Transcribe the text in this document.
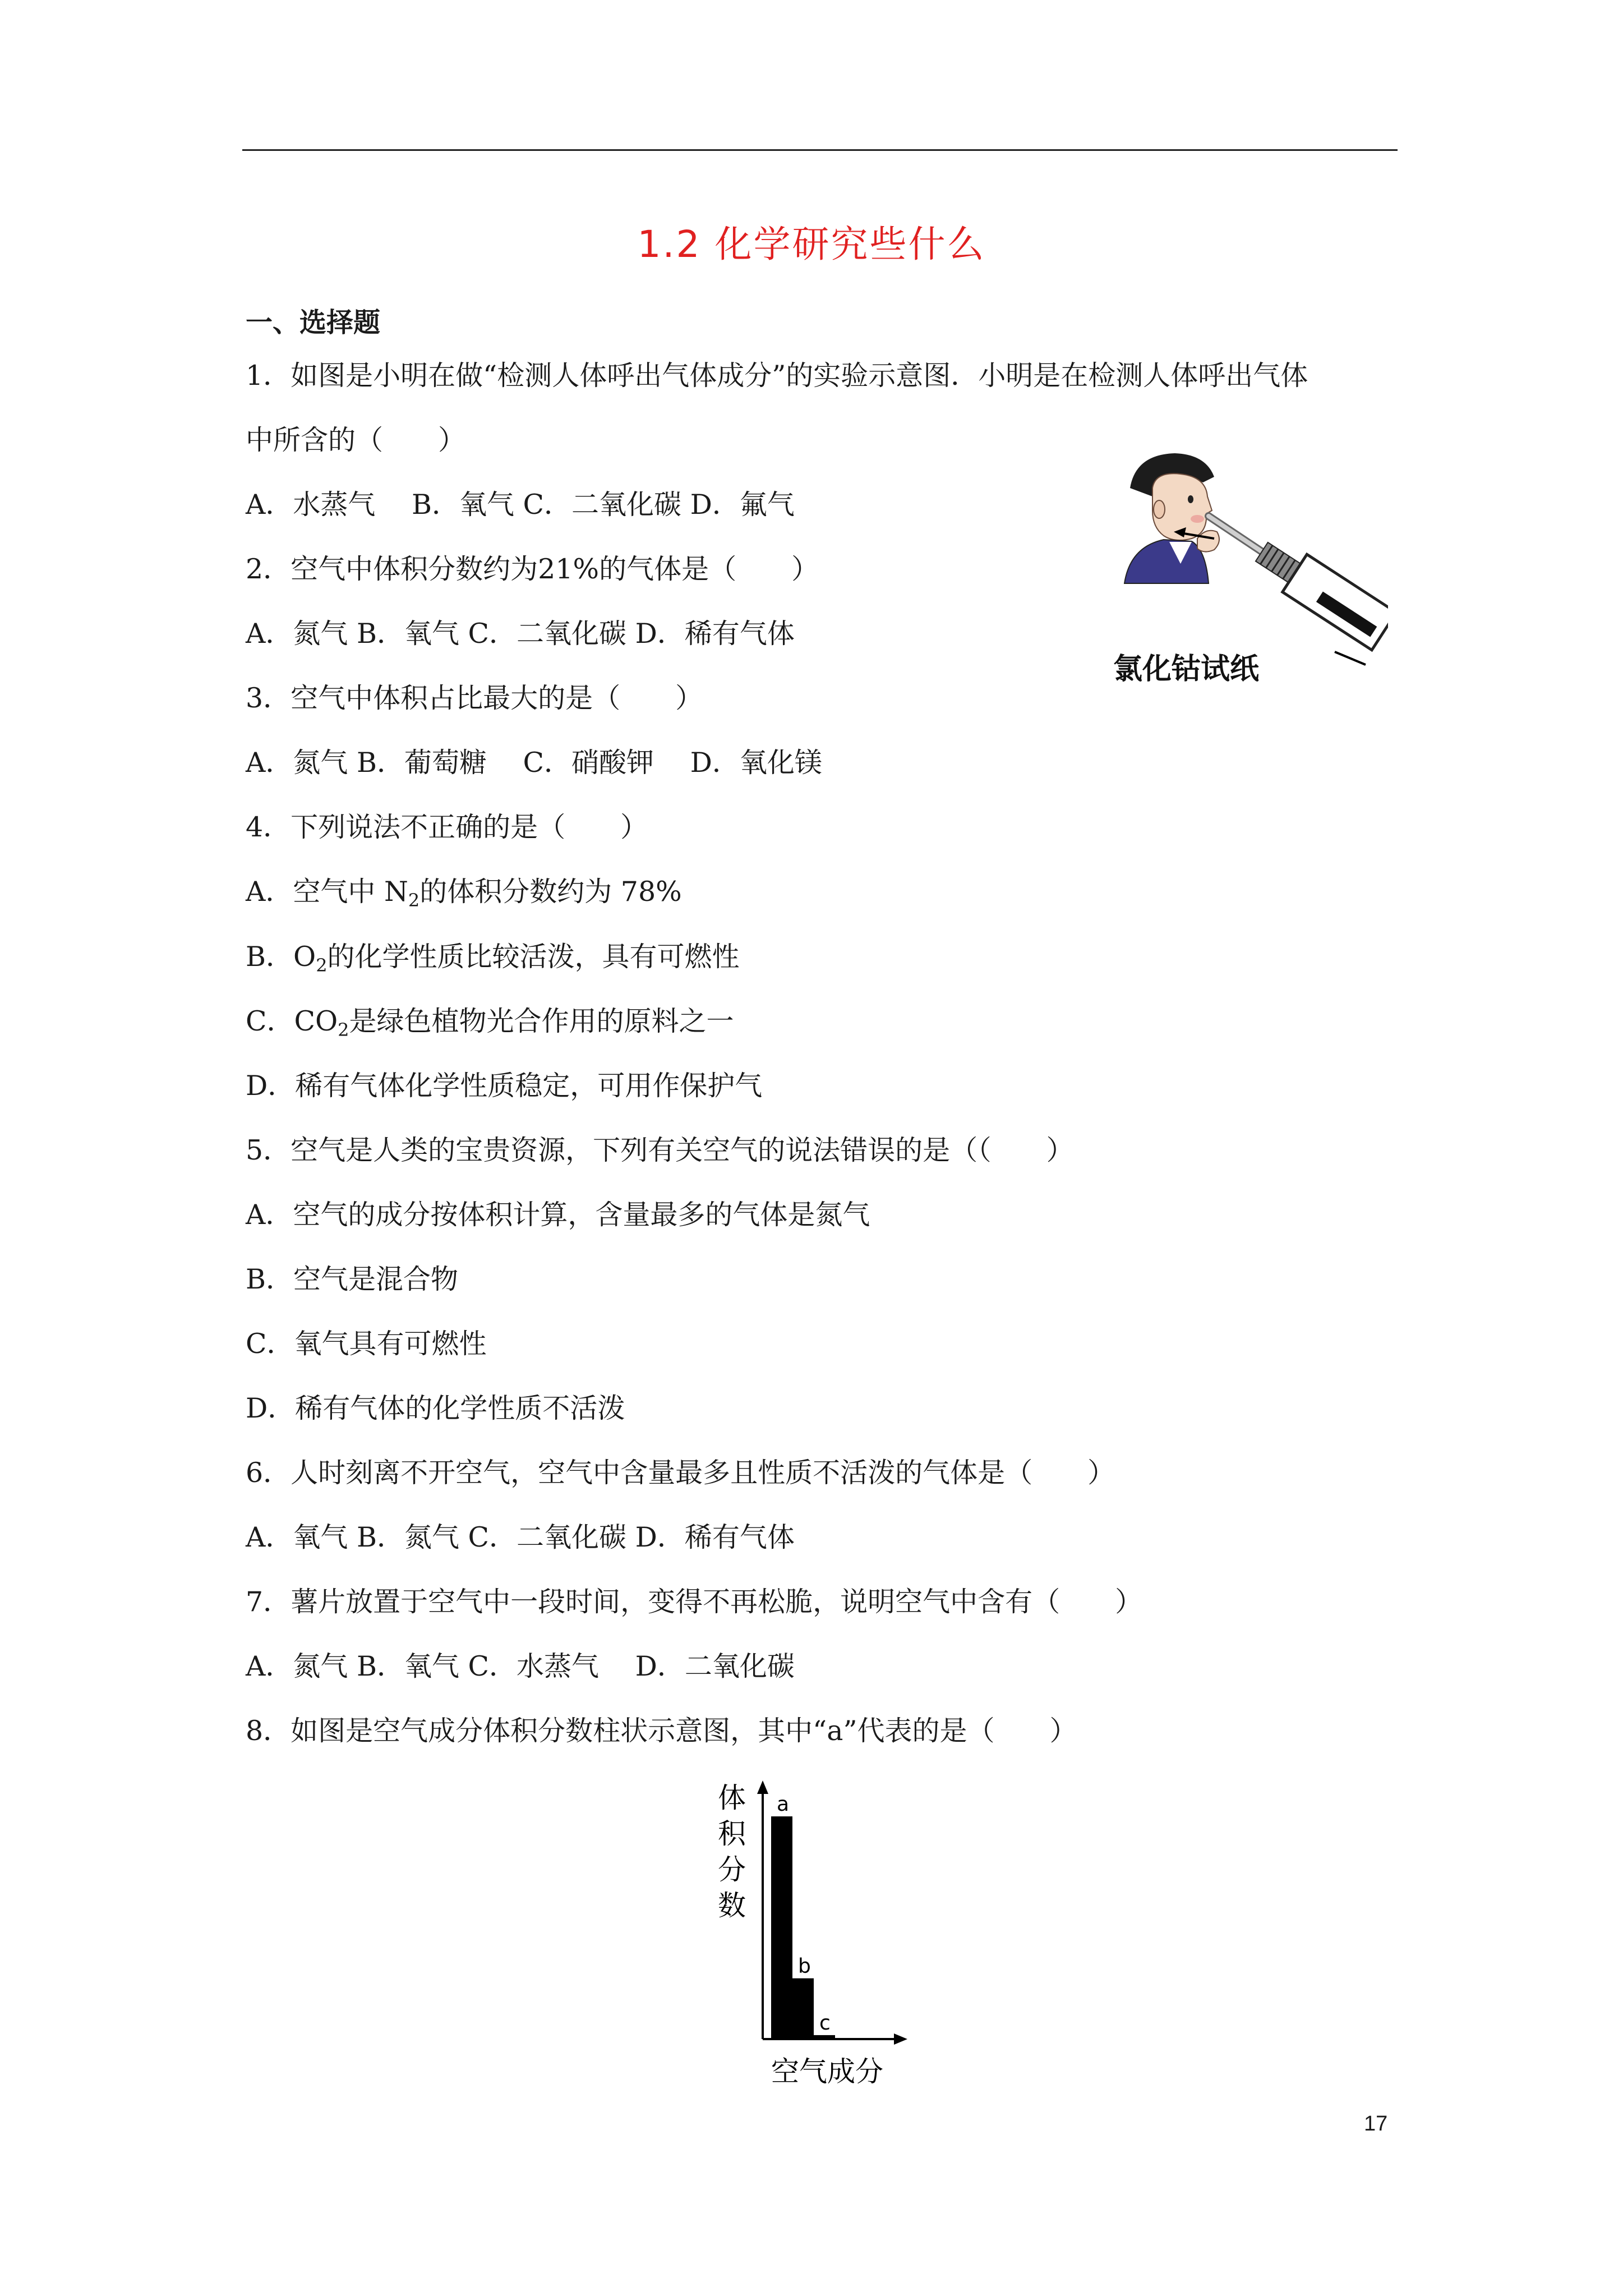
1.2 化学研究些什么
一、选择题
1．如图是小明在做“检测人体呼出气体成分”的实验示意图．小明是在检测人体呼出气体
中所含的（　　）
A．水蒸气　 B．氧气 C．二氧化碳 D．氟气
2．空气中体积分数约为21%的气体是（　　）
A．氮气 B．氧气 C．二氧化碳 D．稀有气体
3．空气中体积占比最大的是（　　）
A．氮气 B．葡萄糖　 C．硝酸钾　 D．氧化镁
4．下列说法不正确的是（　　）
A．空气中 $N_2$的体积分数约为 78%
B．$O_2$的化学性质比较活泼，具有可燃性
C．$CO_2$是绿色植物光合作用的原料之一
D．稀有气体化学性质稳定，可用作保护气
5．空气是人类的宝贵资源，下列有关空气的说法错误的是（（　　）
A．空气的成分按体积计算，含量最多的气体是氮气
B．空气是混合物
C．氧气具有可燃性
D．稀有气体的化学性质不活泼
6．人时刻离不开空气，空气中含量最多且性质不活泼的气体是（　　）
A．氧气 B．氮气 C．二氧化碳 D．稀有气体
7．薯片放置于空气中一段时间，变得不再松脆，说明空气中含有（　　）
A．氮气 B．氧气 C．水蒸气　 D．二氧化碳
8．如图是空气成分体积分数柱状示意图，其中“a”代表的是（　　）
氯化钴试纸
体
积
分
数
a
b
c
空气成分
17
